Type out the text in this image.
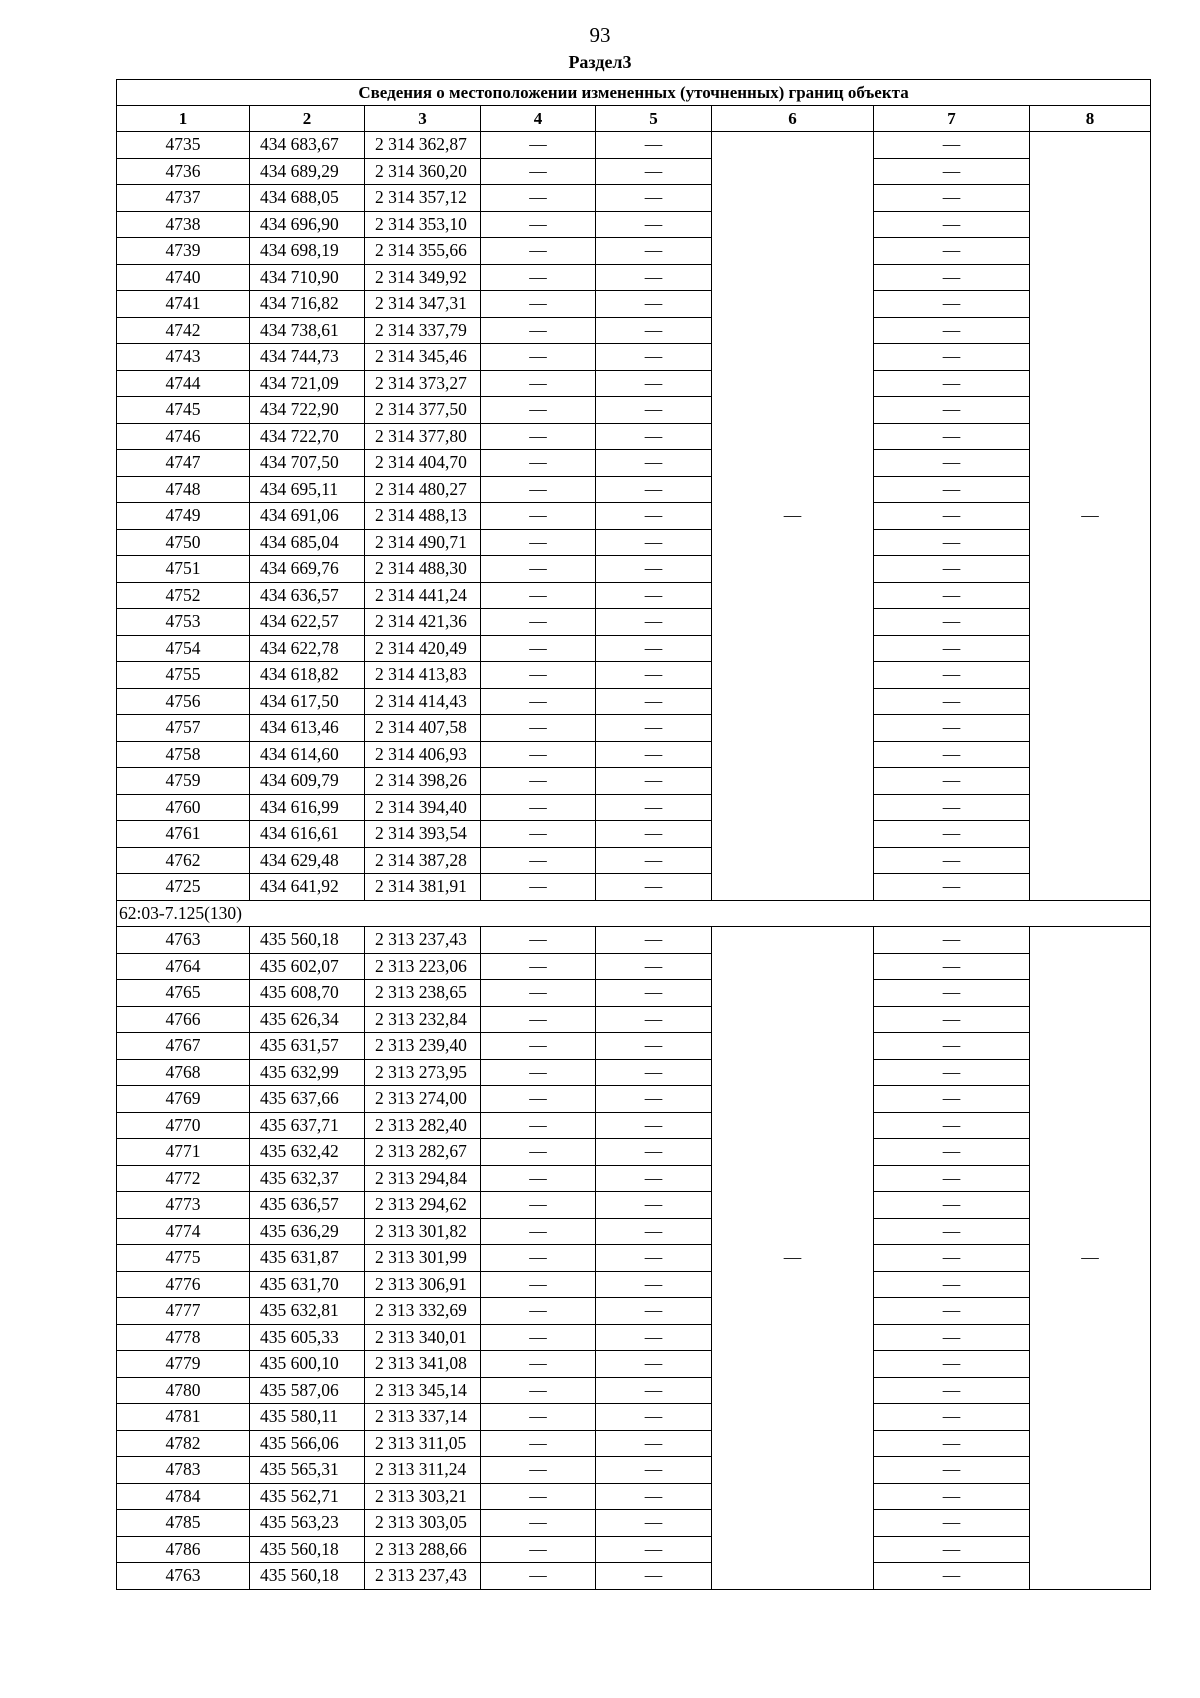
93
Раздел3
Сведения о местоположении измененных (уточненных) границ объекта							
1	2	3	4	5	6	7	8
4735	434 683,67	2 314 362,87	—	—	—	—	—
4736	434 689,29	2 314 360,20	—	—		—	
4737	434 688,05	2 314 357,12	—	—		—	
4738	434 696,90	2 314 353,10	—	—		—	
4739	434 698,19	2 314 355,66	—	—		—	
4740	434 710,90	2 314 349,92	—	—		—	
4741	434 716,82	2 314 347,31	—	—		—	
4742	434 738,61	2 314 337,79	—	—		—	
4743	434 744,73	2 314 345,46	—	—		—	
4744	434 721,09	2 314 373,27	—	—		—	
4745	434 722,90	2 314 377,50	—	—		—	
4746	434 722,70	2 314 377,80	—	—		—	
4747	434 707,50	2 314 404,70	—	—		—	
4748	434 695,11	2 314 480,27	—	—		—	
4749	434 691,06	2 314 488,13	—	—		—	
4750	434 685,04	2 314 490,71	—	—		—	
4751	434 669,76	2 314 488,30	—	—		—	
4752	434 636,57	2 314 441,24	—	—		—	
4753	434 622,57	2 314 421,36	—	—		—	
4754	434 622,78	2 314 420,49	—	—		—	
4755	434 618,82	2 314 413,83	—	—		—	
4756	434 617,50	2 314 414,43	—	—		—	
4757	434 613,46	2 314 407,58	—	—		—	
4758	434 614,60	2 314 406,93	—	—		—	
4759	434 609,79	2 314 398,26	—	—		—	
4760	434 616,99	2 314 394,40	—	—		—	
4761	434 616,61	2 314 393,54	—	—		—	
4762	434 629,48	2 314 387,28	—	—		—	
4725	434 641,92	2 314 381,91	—	—		—	
62:03-7.125(130)							
4763	435 560,18	2 313 237,43	—	—	—	—	—
4764	435 602,07	2 313 223,06	—	—		—	
4765	435 608,70	2 313 238,65	—	—		—	
4766	435 626,34	2 313 232,84	—	—		—	
4767	435 631,57	2 313 239,40	—	—		—	
4768	435 632,99	2 313 273,95	—	—		—	
4769	435 637,66	2 313 274,00	—	—		—	
4770	435 637,71	2 313 282,40	—	—		—	
4771	435 632,42	2 313 282,67	—	—		—	
4772	435 632,37	2 313 294,84	—	—		—	
4773	435 636,57	2 313 294,62	—	—		—	
4774	435 636,29	2 313 301,82	—	—		—	
4775	435 631,87	2 313 301,99	—	—		—	
4776	435 631,70	2 313 306,91	—	—		—	
4777	435 632,81	2 313 332,69	—	—		—	
4778	435 605,33	2 313 340,01	—	—		—	
4779	435 600,10	2 313 341,08	—	—		—	
4780	435 587,06	2 313 345,14	—	—		—	
4781	435 580,11	2 313 337,14	—	—		—	
4782	435 566,06	2 313 311,05	—	—		—	
4783	435 565,31	2 313 311,24	—	—		—	
4784	435 562,71	2 313 303,21	—	—		—	
4785	435 563,23	2 313 303,05	—	—		—	
4786	435 560,18	2 313 288,66	—	—		—	
4763	435 560,18	2 313 237,43	—	—		—	
